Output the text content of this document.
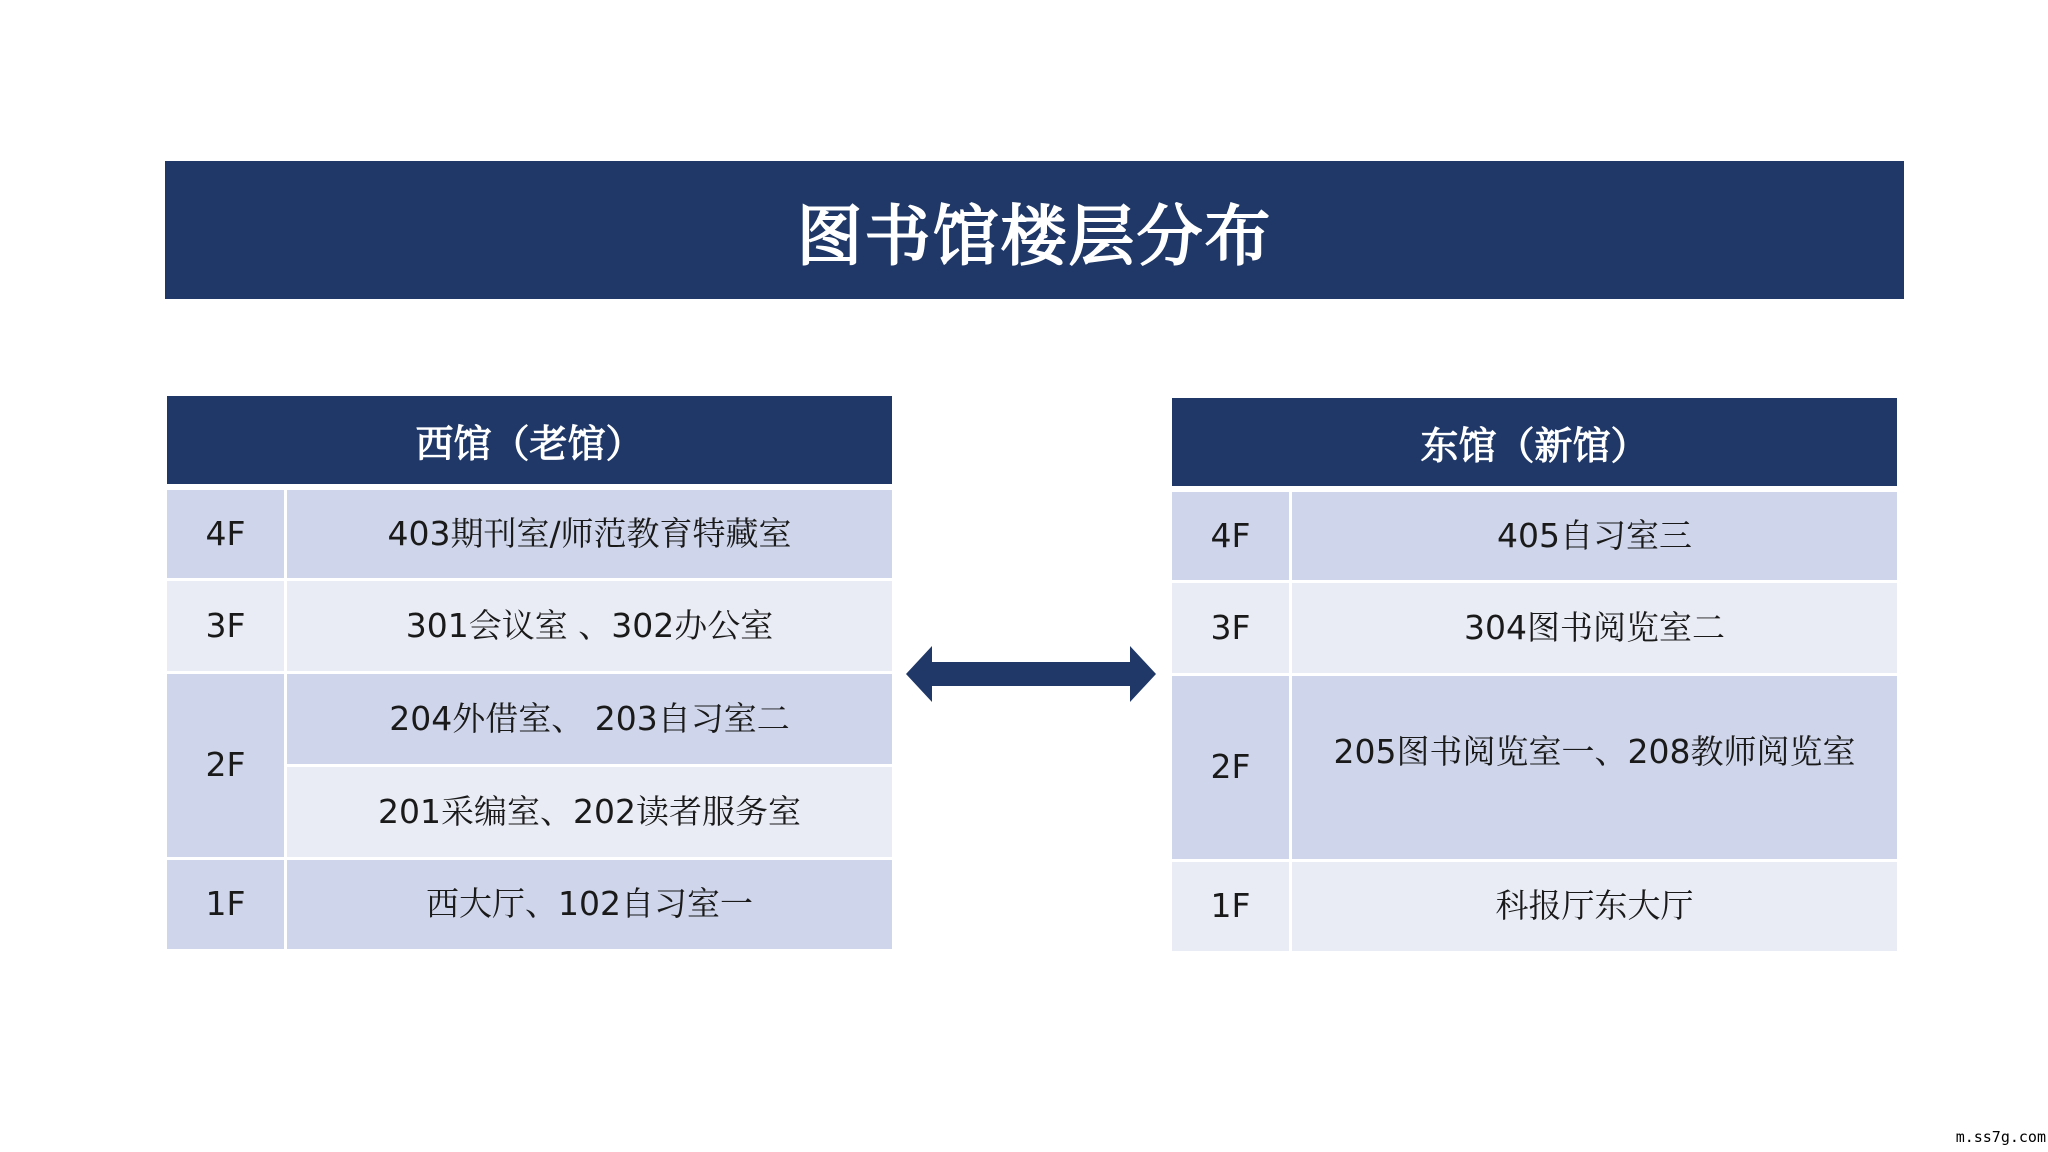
图书馆楼层分布
西馆（老馆）	
4F	403期刊室/师范教育特藏室
3F	301会议室 、302办公室
2F	204外借室、 203自习室二
	201采编室、202读者服务室
1F	西大厅、102自习室一
东馆（新馆）	
4F	405自习室三
3F	304图书阅览室二
2F	205图书阅览室一、208教师阅览室
1F	科报厅东大厅
m.ss7g.com
